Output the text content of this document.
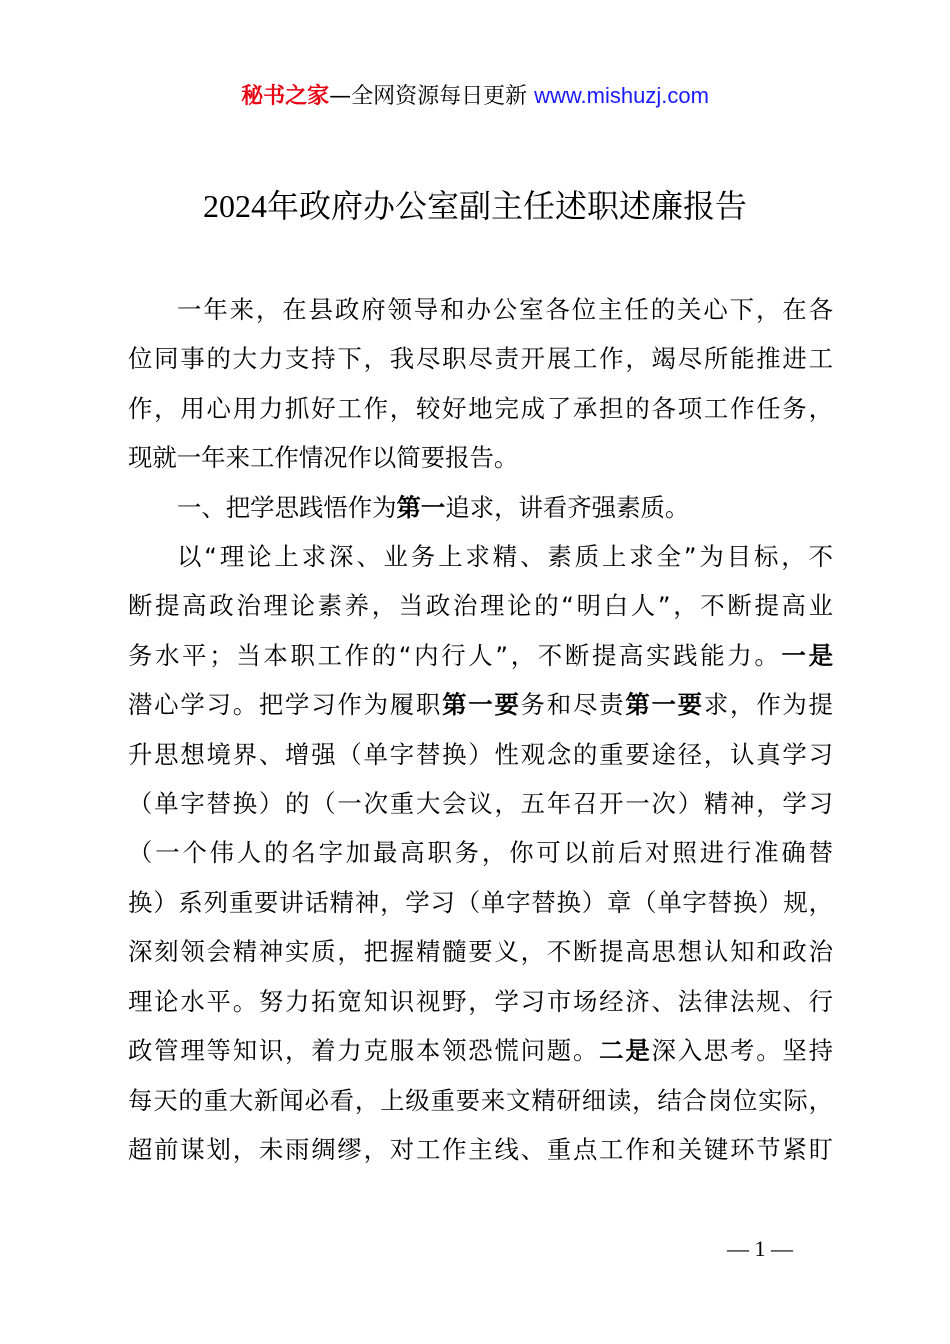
秘书之家—全网资源每日更新 www.mishuzj.com
2024年政府办公室副主任述职述廉报告

一年来，在县政府领导和办公室各位主任的关心下，在各
位同事的大力支持下，我尽职尽责开展工作，竭尽所能推进工
作，用心用力抓好工作，较好地完成了承担的各项工作任务，
现就一年来工作情况作以简要报告。

一、把学思践悟作为第一追求，讲看齐强素质。

以“理论上求深、业务上求精、素质上求全”为目标，不
断提高政治理论素养，当政治理论的“明白人”，不断提高业
务水平；当本职工作的“内行人”，不断提高实践能力。一是
潜心学习。把学习作为履职第一要务和尽责第一要求，作为提
升思想境界、增强（单字替换）性观念的重要途径，认真学习
（单字替换）的（一次重大会议，五年召开一次）精神，学习
（一个伟人的名字加最高职务，你可以前后对照进行准确替
换）系列重要讲话精神，学习（单字替换）章（单字替换）规，
深刻领会精神实质，把握精髓要义，不断提高思想认知和政治
理论水平。努力拓宽知识视野，学习市场经济、法律法规、行
政管理等知识，着力克服本领恐慌问题。二是深入思考。坚持
每天的重大新闻必看，上级重要来文精研细读，结合岗位实际，
超前谋划，未雨绸缪，对工作主线、重点工作和关键环节紧盯

— 1 —
